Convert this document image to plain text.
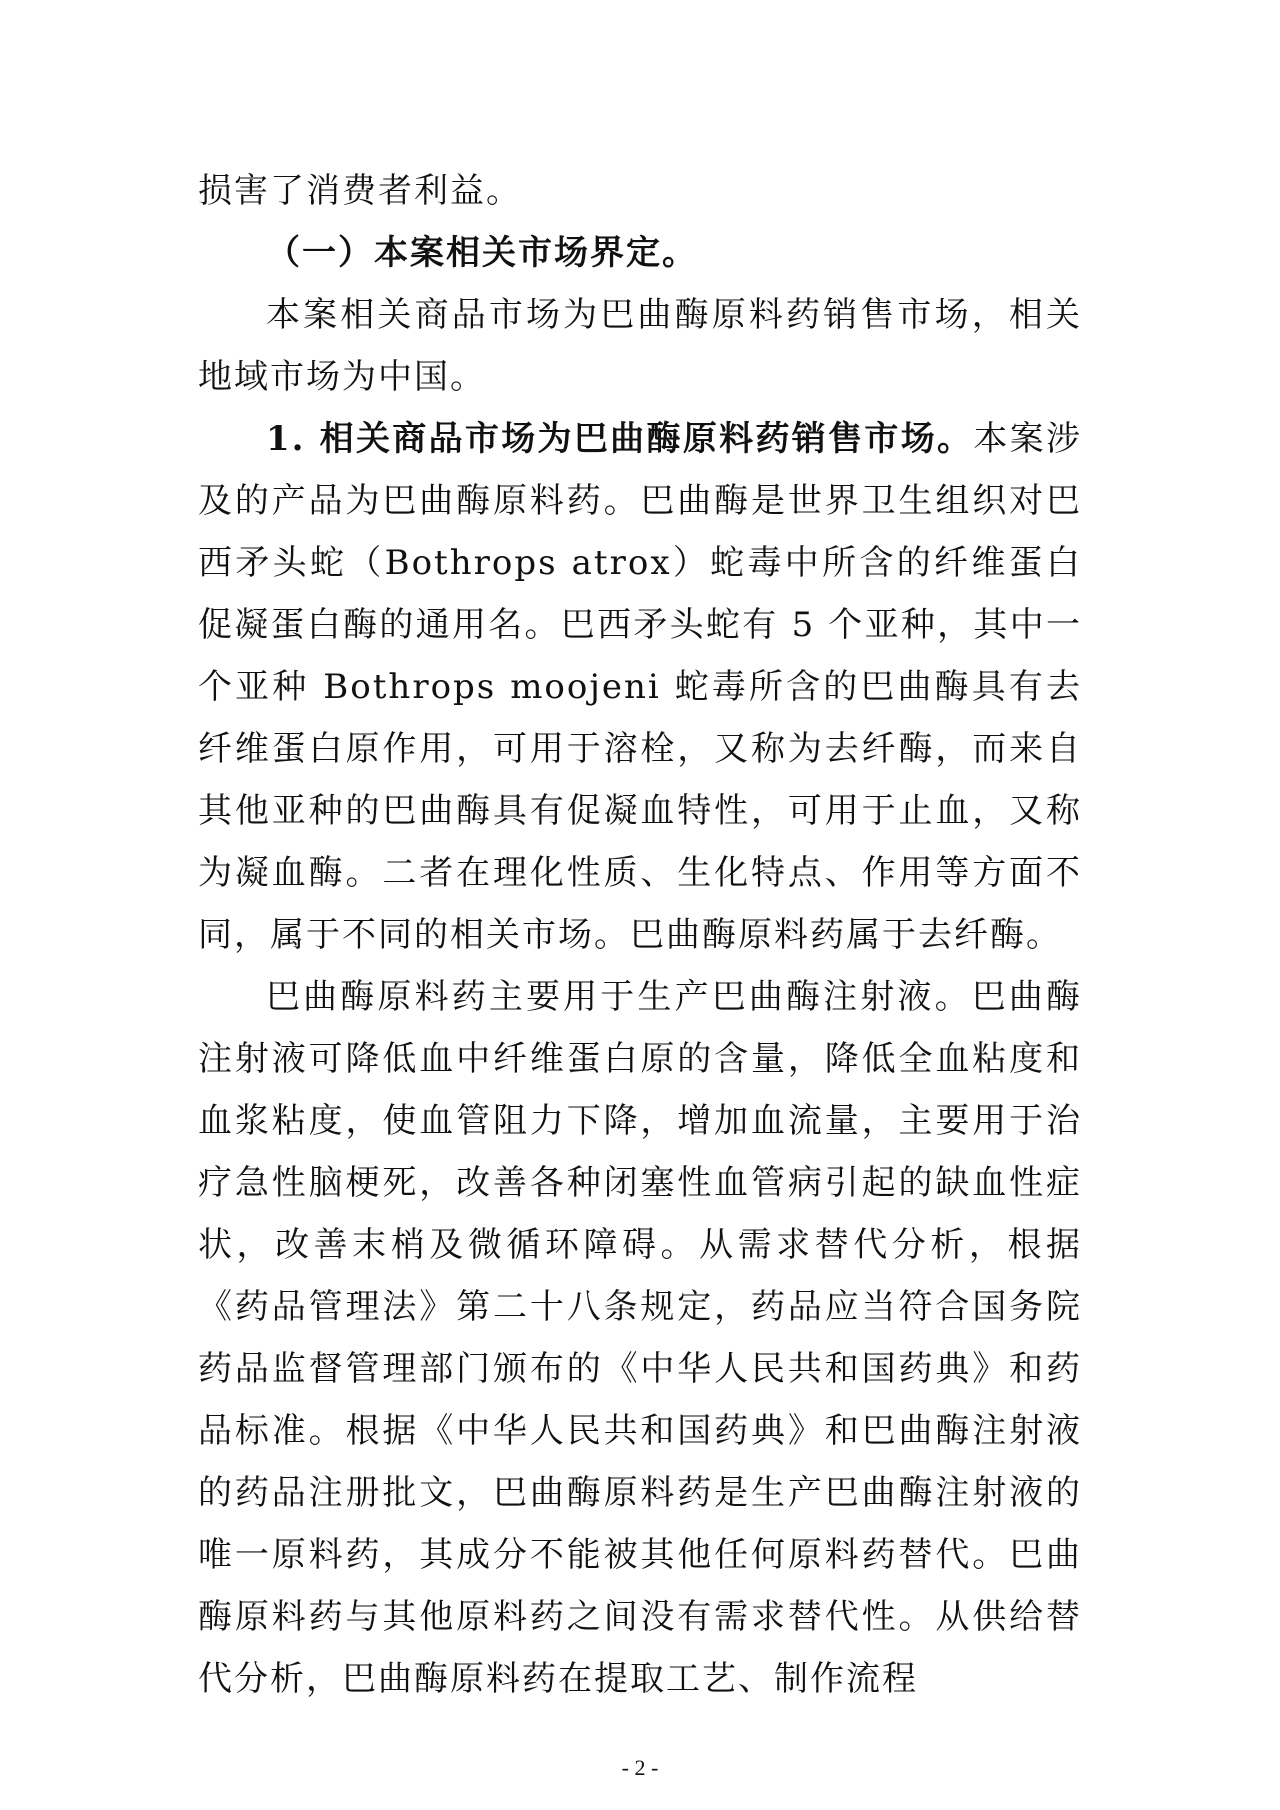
损害了消费者利益。

（一）本案相关市场界定。

本案相关商品市场为巴曲酶原料药销售市场，相关地域市场为中国。

1. 相关商品市场为巴曲酶原料药销售市场。本案涉及的产品为巴曲酶原料药。巴曲酶是世界卫生组织对巴西矛头蛇（Bothrops atrox）蛇毒中所含的纤维蛋白促凝蛋白酶的通用名。巴西矛头蛇有 5 个亚种，其中一个亚种 Bothrops moojeni 蛇毒所含的巴曲酶具有去纤维蛋白原作用，可用于溶栓，又称为去纤酶，而来自其他亚种的巴曲酶具有促凝血特性，可用于止血，又称为凝血酶。二者在理化性质、生化特点、作用等方面不同，属于不同的相关市场。巴曲酶原料药属于去纤酶。

巴曲酶原料药主要用于生产巴曲酶注射液。巴曲酶注射液可降低血中纤维蛋白原的含量，降低全血粘度和血浆粘度，使血管阻力下降，增加血流量，主要用于治疗急性脑梗死，改善各种闭塞性血管病引起的缺血性症状，改善末梢及微循环障碍。从需求替代分析，根据《药品管理法》第二十八条规定，药品应当符合国务院药品监督管理部门颁布的《中华人民共和国药典》和药品标准。根据《中华人民共和国药典》和巴曲酶注射液的药品注册批文，巴曲酶原料药是生产巴曲酶注射液的唯一原料药，其成分不能被其他任何原料药替代。巴曲酶原料药与其他原料药之间没有需求替代性。从供给替代分析，巴曲酶原料药在提取工艺、制作流程

- 2 -
